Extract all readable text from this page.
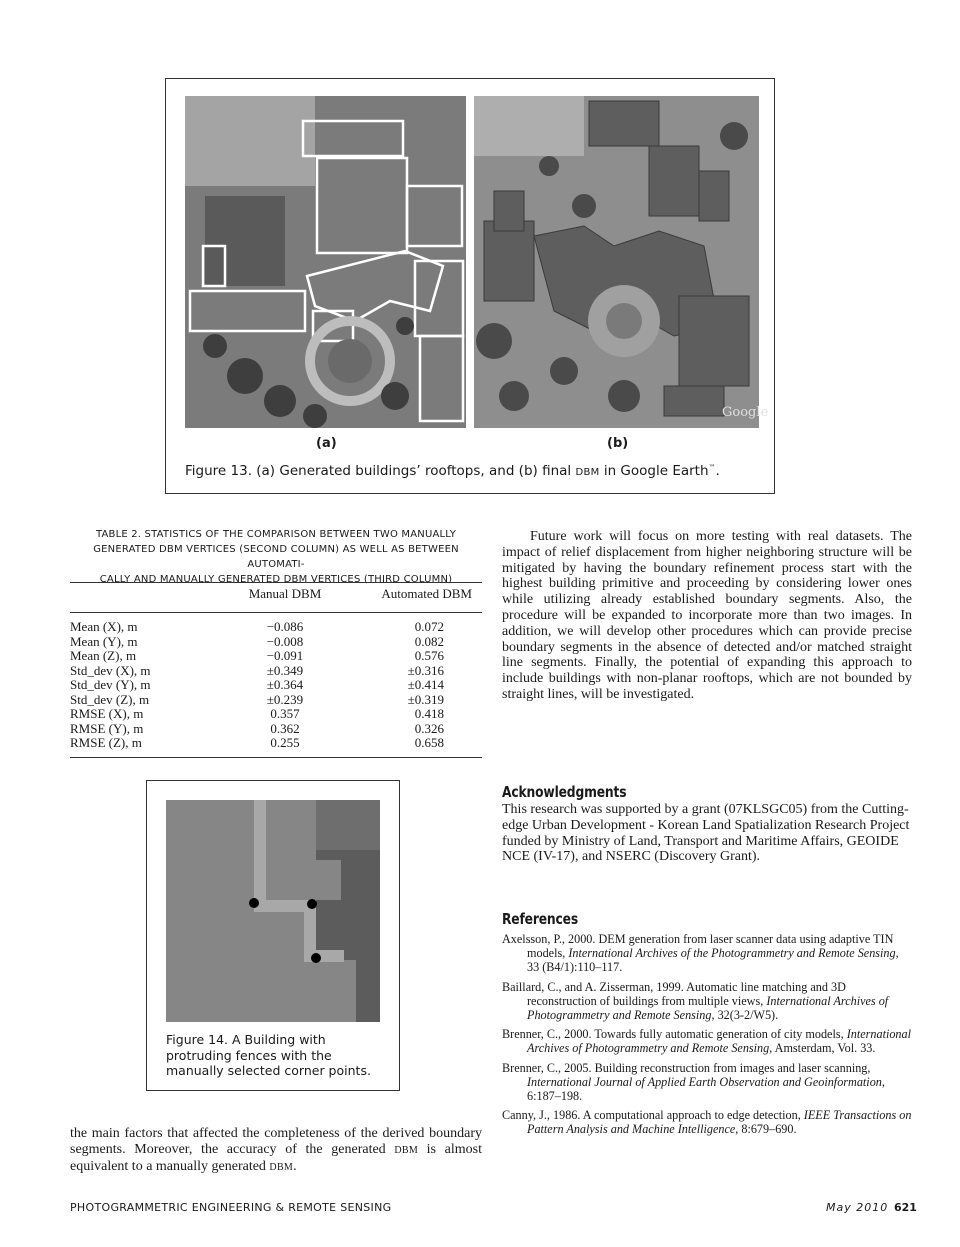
Google
(a)	(b)
Figure 13. (a) Generated buildings’ rooftops, and (b) final DBM in Google Earth™.
TABLE 2. STATISTICS OF THE COMPARISON BETWEEN TWO MANUALLY
GENERATED DBM VERTICES (SECOND COLUMN) AS WELL AS BETWEEN AUTOMATI-
CALLY AND MANUALLY GENERATED DBM VERTICES (THIRD COLUMN)
	Manual DBM	Automated DBM
Mean (X), m	−0.086	0.072
Mean (Y), m	−0.008	0.082
Mean (Z), m	−0.091	0.576
Std_dev (X), m	±0.349	±0.316
Std_dev (Y), m	±0.364	±0.414
Std_dev (Z), m	±0.239	±0.319
RMSE (X), m	0.357	0.418
RMSE (Y), m	0.362	0.326
RMSE (Z), m	0.255	0.658
Future work will focus on more testing with real datasets. The impact of relief displacement from higher neighboring structure will be mitigated by having the boundary refinement process start with the highest building primitive and proceeding by considering lower ones while utilizing already established boundary segments. Also, the procedure will be expanded to incorporate more than two images. In addition, we will develop other procedures which can provide precise boundary segments in the absence of detected and/or matched straight line segments. Finally, the potential of expanding this approach to include buildings with non-planar rooftops, which are not bounded by straight lines, will be investigated.
Acknowledgments
This research was supported by a grant (07KLSGC05) from the Cutting-edge Urban Development - Korean Land Spatialization Research Project funded by Ministry of Land, Transport and Maritime Affairs, GEOIDE NCE (IV-17), and NSERC (Discovery Grant).
References
Axelsson, P., 2000. DEM generation from laser scanner data using adaptive TIN models, International Archives of the Photogrammetry and Remote Sensing, 33 (B4/1):110–117.
Baillard, C., and A. Zisserman, 1999. Automatic line matching and 3D reconstruction of buildings from multiple views, International Archives of Photogrammetry and Remote Sensing, 32(3-2/W5).
Brenner, C., 2000. Towards fully automatic generation of city models, International Archives of Photogrammetry and Remote Sensing, Amsterdam, Vol. 33.
Brenner, C., 2005. Building reconstruction from images and laser scanning, International Journal of Applied Earth Observation and Geoinformation, 6:187–198.
Canny, J., 1986. A computational approach to edge detection, IEEE Transactions on Pattern Analysis and Machine Intelligence, 8:679–690.
Figure 14. A Building with protruding fences with the manually selected corner points.
the main factors that affected the completeness of the derived boundary segments. Moreover, the accuracy of the generated DBM is almost equivalent to a manually generated DBM.
PHOTOGRAMMETRIC ENGINEERING & REMOTE SENSING	May 2010 621
